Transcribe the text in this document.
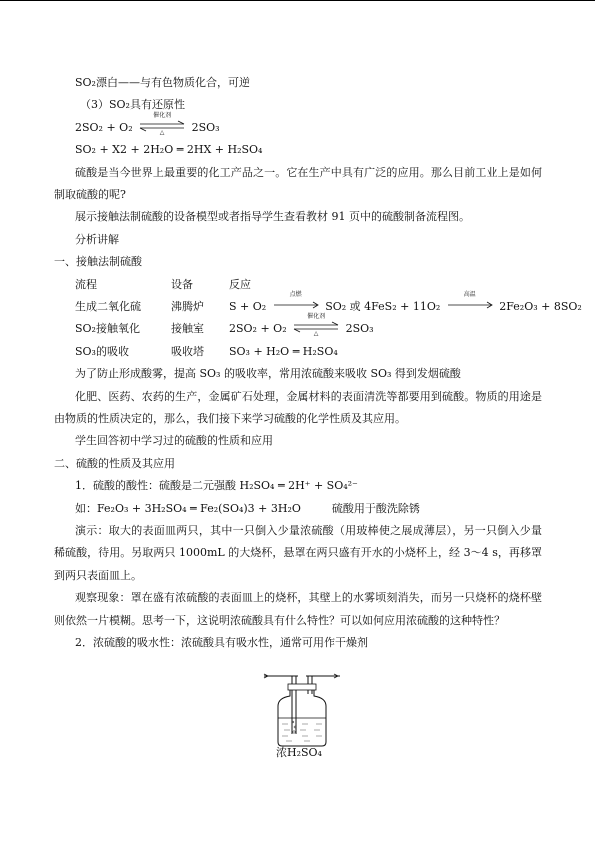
SO₂漂白——与有色物质化合，可逆
（3）SO₂具有还原性
2SO₂ + O₂
催化剂
△	2SO₃
SO₂ + X2 + 2H₂O ═ 2HX + H₂SO₄
硫酸是当今世界上最重要的化工产品之一。它在生产中具有广泛的应用。那么目前工业上是如何制取硫酸的呢?
展示接触法制硫酸的设备模型或者指导学生查看教材 91 页中的硫酸制备流程图。
分析讲解
一、接触法制硫酸
流程	设备	反应
生成二氧化硫	沸腾炉 S + O₂
点燃
SO₂ 或 4FeS₂ + 11O₂
高温
2Fe₂O₃ + 8SO₂
SO₂接触氧化	接触室 2SO₂ + O₂
催化剂
△	2SO₃
SO₃的吸收	吸收塔 SO₃ + H₂O ═ H₂SO₄
为了防止形成酸雾，提高 SO₃ 的吸收率，常用浓硫酸来吸收 SO₃ 得到发烟硫酸
化肥、医药、农药的生产，金属矿石处理，金属材料的表面清洗等都要用到硫酸。物质的用途是由物质的性质决定的，那么，我们接下来学习硫酸的化学性质及其应用。
学生回答初中学习过的硫酸的性质和应用
二、硫酸的性质及其应用
1．硫酸的酸性：硫酸是二元强酸 H₂SO₄ ═ 2H⁺ + SO₄²⁻
如：Fe₂O₃ + 3H₂SO₄ ═ Fe₂(SO₄)3 + 3H₂O	硫酸用于酸洗除锈
演示：取大的表面皿两只，其中一只倒入少量浓硫酸（用玻棒使之展成薄层），另一只倒入少量稀硫酸，待用。另取两只 1000mL 的大烧杯，悬罩在两只盛有开水的小烧杯上，经 3～4 s，再移罩到两只表面皿上。
观察现象：罩在盛有浓硫酸的表面皿上的烧杯，其壁上的水雾顷刻消失，而另一只烧杯的烧杯壁则依然一片模糊。思考一下，这说明浓硫酸具有什么特性？可以如何应用浓硫酸的这种特性？
2．浓硫酸的吸水性：浓硫酸具有吸水性，通常可用作干燥剂
浓H₂SO₄
